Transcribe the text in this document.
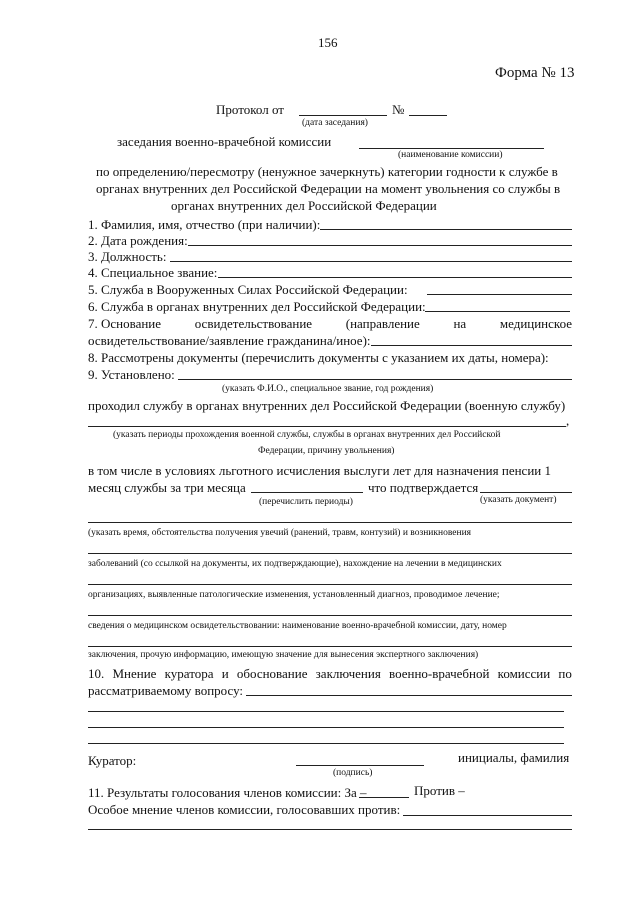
156
Форма № 13
Протокол от	№
(дата заседания)
заседания военно-врачебной комиссии
(наименование комиссии)
по определению/пересмотру (ненужное зачеркнуть) категории годности к службе в
органах внутренних дел Российской Федерации на момент увольнения со службы в
органах внутренних дел Российской Федерации
1. Фамилия, имя, отчество (при наличии):
2. Дата рождения:
3. Должность:
4. Специальное звание:
5. Служба в Вооруженных Силах Российской Федерации:
6. Служба в органах внутренних дел Российской Федерации:
7. Основание	освидетельствование	(направление	на	медицинское
освидетельствование/заявление гражданина/иное):
8. Рассмотрены документы (перечислить документы с указанием их даты, номера):
9. Установлено:
(указать Ф.И.О., специальное звание, год рождения)
проходил службу в органах внутренних дел Российской Федерации (военную службу)
,
(указать периоды прохождения военной службы, службы в органах внутренних дел Российской
Федерации, причину увольнения)
в том числе в условиях льготного исчисления выслуги лет для назначения пенсии 1
месяц службы за три месяца	что подтверждается
(перечислить периоды)	(указать документ)
(указать время, обстоятельства получения увечий (ранений, травм, контузий) и возникновения
заболеваний (со ссылкой на документы, их подтверждающие), нахождение на лечении в медицинских
организациях, выявленные патологические изменения, установленный диагноз, проводимое лечение;
сведения о медицинском освидетельствовании: наименование военно-врачебной комиссии, дату, номер
заключения, прочую информацию, имеющую значение для вынесения экспертного заключения)
10. Мнение куратора и обоснование заключения военно-врачебной комиссии по
рассматриваемому вопросу:
Куратор:	инициалы, фамилия
(подпись)
11. Результаты голосования членов комиссии: За –	Против –
Особое мнение членов комиссии, голосовавших против:
